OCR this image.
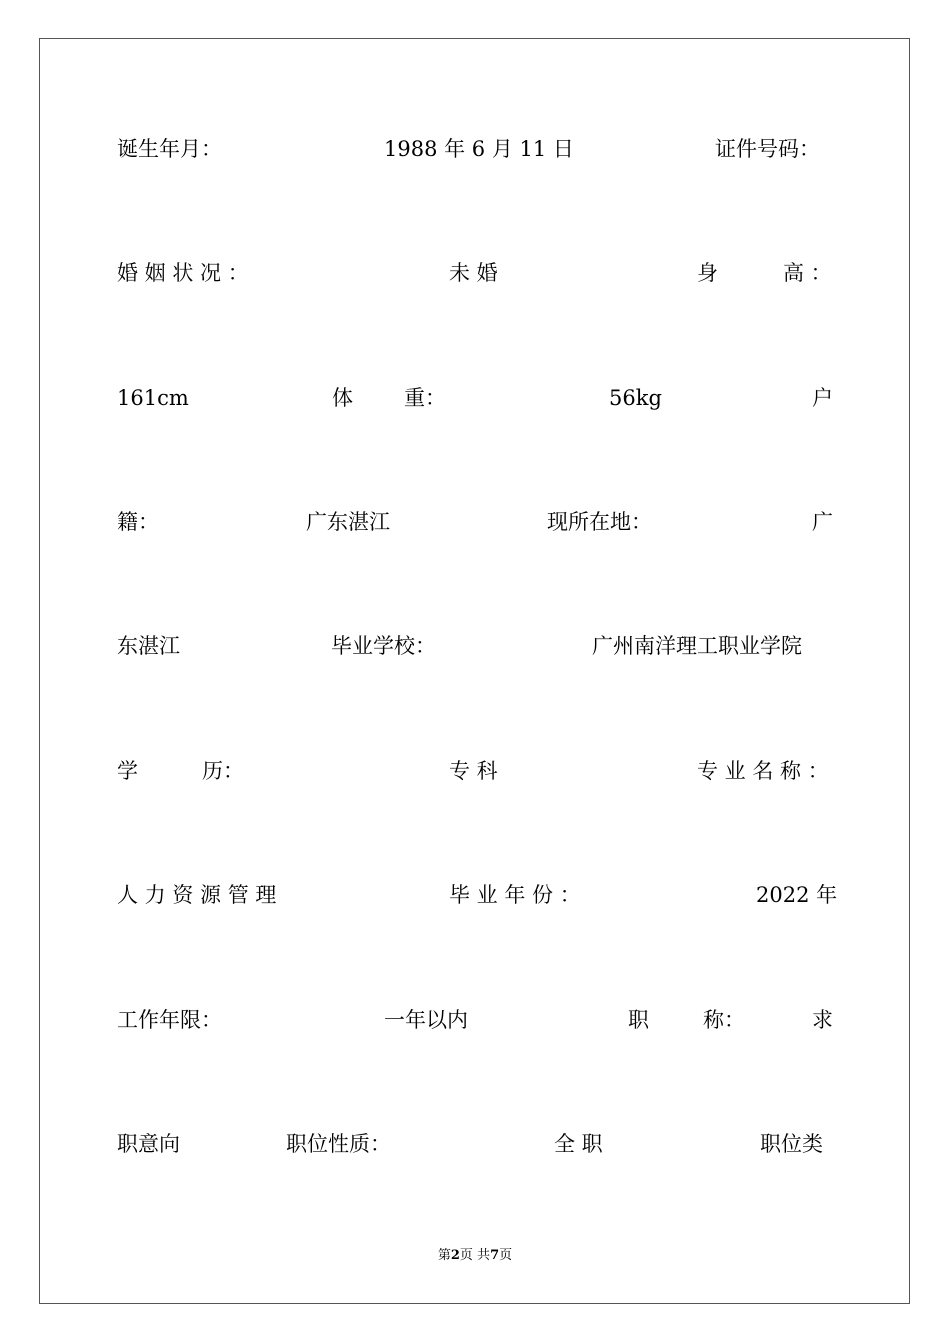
诞生年月：	1988 年 6 月 11 日	证件号码：
婚 姻 状 况 ：	未 婚	身	高 ：
161cm	体 重：	56kg	户
籍：	广东湛江	现所在地：	广
东湛江	毕业学校：	广州南洋理工职业学院
学	历：	专 科	专 业 名 称 ：
人 力 资 源 管 理	毕 业 年 份 ：	2022 年
工作年限：	一年以内	职	称：	求
职意向	职位性质：	全 职	职位类
第2页 共7页
